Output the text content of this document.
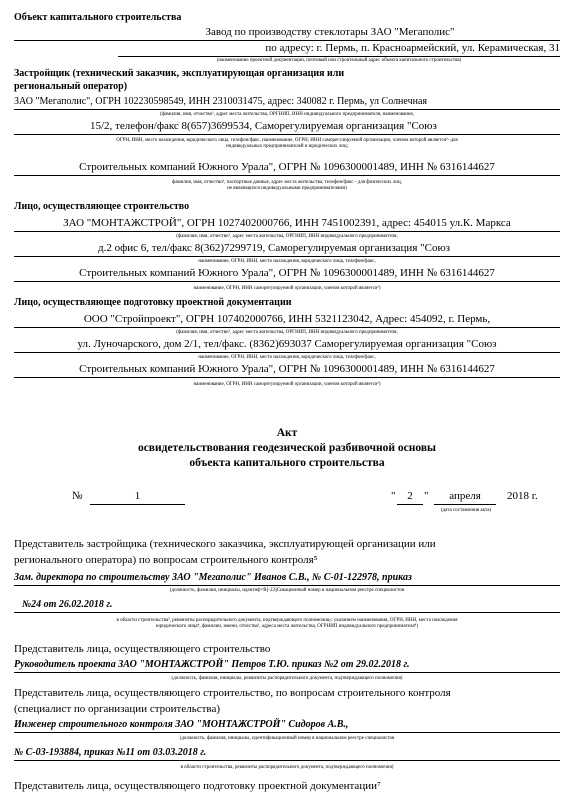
Объект капитального строительства
Завод по производству стеклотары ЗАО "Мегаполис"
по адресу: г. Пермь, п. Красноармейский, ул. Керамическая, 31
(наименование проектной документации, почтовый или строительный адрес объекта капитального строительства)
Застройщик (технический заказчик, эксплуатирующая организация или
региональный оператор)
ЗАО "Мегаполис", ОГРН 102230598549, ИНН 2310031475, адрес: 340082 г. Пермь, ул Солнечная
(фамилия, имя, отчество¹, адрес места жительства, ОРГНИП, ИНН индивидуального предпринимателя, наименование,
15/2, телефон/факс 8(657)3699534, Саморегулируемая организация "Союз
ОГРН, ИНН, место нахождения, юридического лица, телефон/факс, наименование, ОГРН, ИНН саморегулируемой организации, членом которой является²- для
индивидуальных предпринимателей и юридических лиц;
Строительных компаний Южного Урала", ОГРН № 1096300001489, ИНН № 6316144627
фамилия, имя, отчество¹, паспортные данные, адрес места жительства, телефон/факс - для физических лиц,
не являющихся индивидуальными предпринимателями)
Лицо, осуществляющее строительство
ЗАО "МОНТАЖСТРОЙ", ОГРН 1027402000766, ИНН 7451002391, адрес: 454015 ул.К. Маркса
(фамилия, имя, отчество¹, адрес места жительства, ОРГНИП, ИНН индивидуального предпринимателя,
д.2 офис 6, тел/факс 8(362)7299719, Саморегулируемая организация "Союз
наименование, ОГРН, ИНН, место нахождения, юридического лица, телефон/факс,
Строительных компаний Южного Урала", ОГРН № 1096300001489, ИНН № 6316144627
наименование, ОГРН, ИНН саморегулируемой организации, членом которой является²)
Лицо, осуществляющее подготовку проектной документации
ООО "Стройпроект", ОГРН 107402000766, ИНН 5321123042, Адрес: 454092, г. Пермь,
(фамилия, имя, отчество¹, адрес места жительства, ОРГНИП, ИНН индивидуального предпринимателя,
ул. Луночарского, дом 2/1, тел/факс. (8362)693037 Саморегулируемая организация "Союз
наименование, ОГРН, ИНН, место нахождения, юридического лица, телефон/факс,
Строительных компаний Южного Урала", ОГРН № 1096300001489, ИНН № 6316144627
наименование, ОГРН, ИНН саморегулируемой организации, членом которой является²)
Акт
освидетельствования геодезической разбивочной основы
объекта капитального строительства
№	1	"	2	"	апреля	2018 г.
(дата составления акта)
Представитель застройщика (технического заказчика, эксплуатирующей организации или
регионального оператора) по вопросам строительного контроля⁵
Зам. директора по строительству ЗАО "Мегаполис" Иванов С.В., № С-01-122978, приказ
(должность, фамилия, инициалы, идентиф=R[-23]Сикационный номер в национальном реестре специалистов
№24 от 26.02.2018 г.
в области строительства³, реквизиты распорядительного документа, подтверждающего полномочия,с указанием наименования, ОГРН, ИНН, места нахождения
юридического лица⁴, фамилии, имени, отчества¹, адреса места жительства, ОГРНИП индивидуального предпринимателя⁴)
Представитель лица, осуществляющего строительство
Руководитель проекта ЗАО "МОНТАЖСТРОЙ" Петров Т.Ю. приказ №2 от 29.02.2018 г.
(должность, фамилия, инициалы, реквизиты распорядительного документа, подтверждающего полномочия)
Представитель лица, осуществляющего строительство, по вопросам строительного контроля
(специалист по организации строительства)
Инженер строительного контроля ЗАО "МОНТАЖСТРОЙ" Сидоров А.В.,
(должность, фамилия, инициалы, идентификационный номер в национальном реестре специалистов
№ С-03-193884, приказ №11 от 03.03.2018 г.
в области строительства, реквизиты распорядительного документа, подтверждающего полномочия)
Представитель лица, осуществляющего подготовку проектной документации⁷
